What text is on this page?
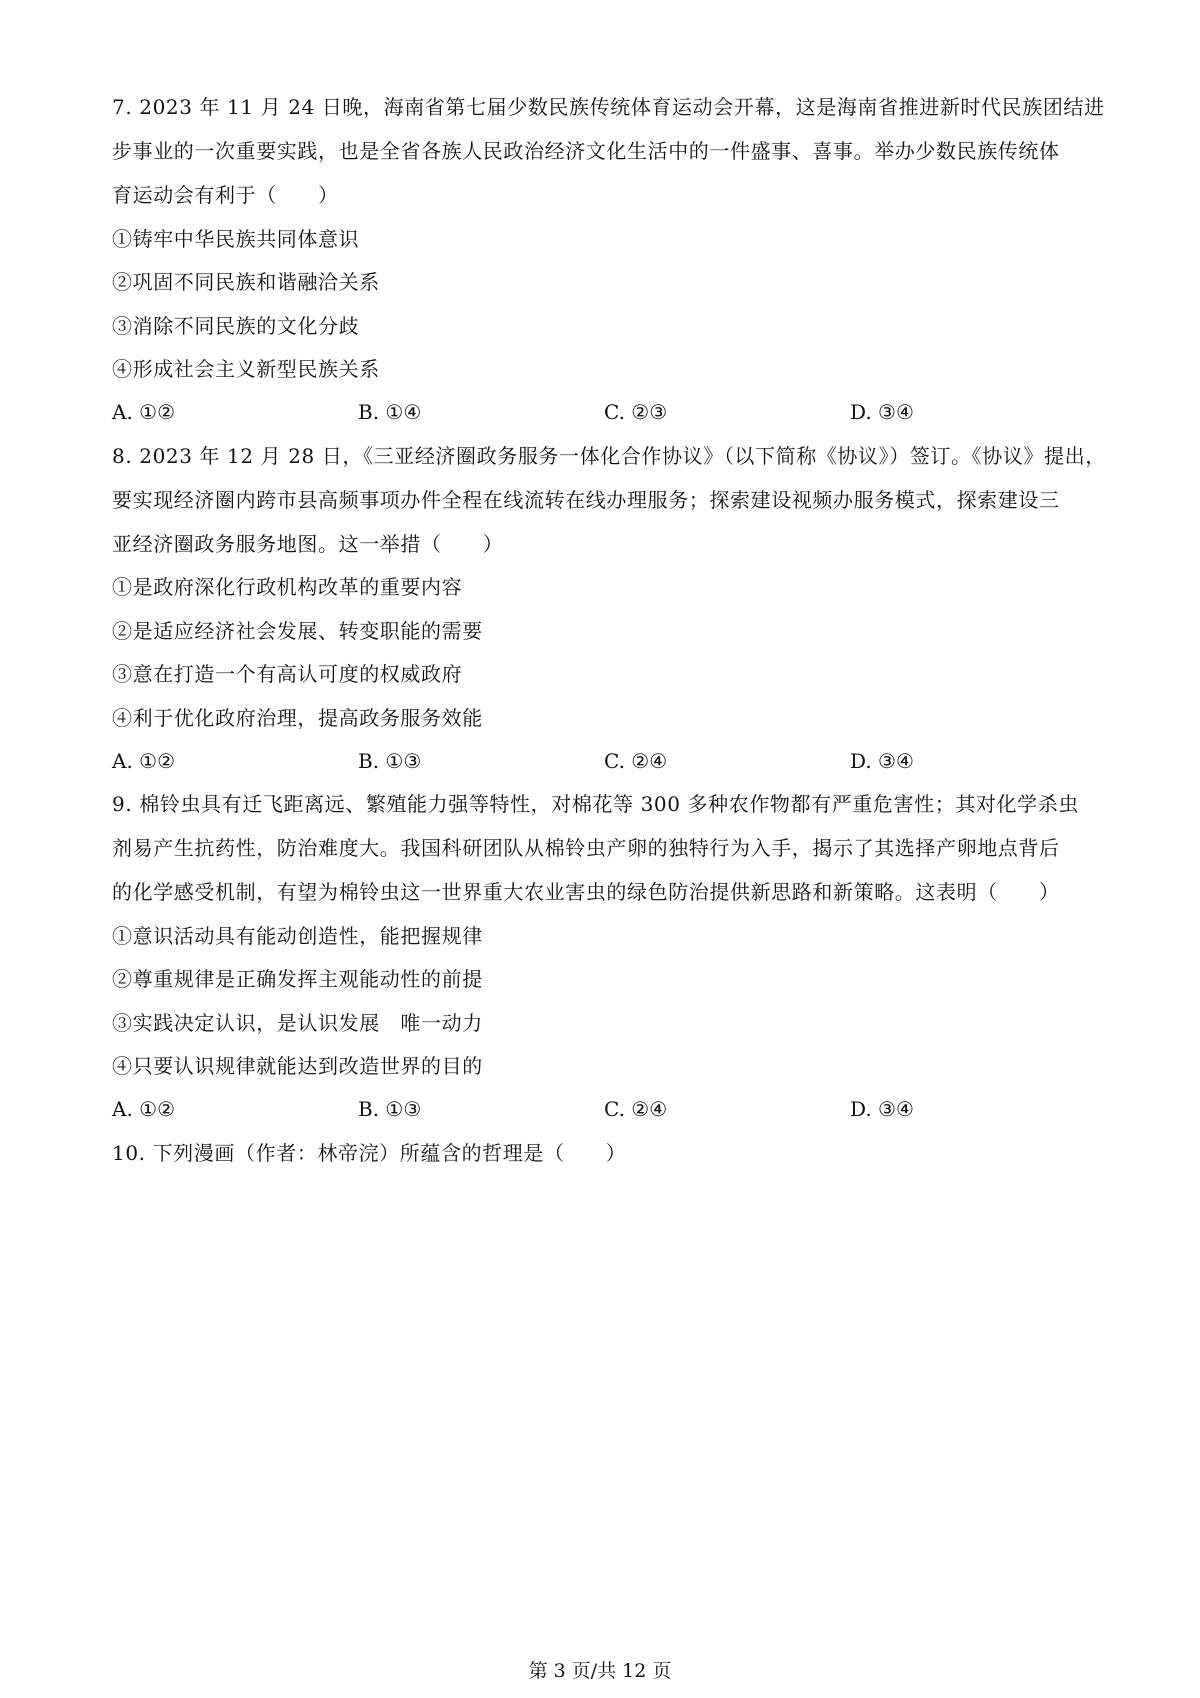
7. 2023 年 11 月 24 日晚，海南省第七届少数民族传统体育运动会开幕，这是海南省推进新时代民族团结进
步事业的一次重要实践，也是全省各族人民政治经济文化生活中的一件盛事、喜事。举办少数民族传统体
育运动会有利于（　　）
①铸牢中华民族共同体意识
②巩固不同民族和谐融洽关系
③消除不同民族的文化分歧
④形成社会主义新型民族关系
A. ①②	B. ①④	C. ②③	D. ③④
8. 2023 年 12 月 28 日，《三亚经济圈政务服务一体化合作协议》（以下简称《协议》）签订。《协议》提出，
要实现经济圈内跨市县高频事项办件全程在线流转在线办理服务；探索建设视频办服务模式，探索建设三
亚经济圈政务服务地图。这一举措（　　）
①是政府深化行政机构改革的重要内容
②是适应经济社会发展、转变职能的需要
③意在打造一个有高认可度的权威政府
④利于优化政府治理，提高政务服务效能
A. ①②	B. ①③	C. ②④	D. ③④
9. 棉铃虫具有迁飞距离远、繁殖能力强等特性，对棉花等 300 多种农作物都有严重危害性；其对化学杀虫
剂易产生抗药性，防治难度大。我国科研团队从棉铃虫产卵的独特行为入手，揭示了其选择产卵地点背后
的化学感受机制，有望为棉铃虫这一世界重大农业害虫的绿色防治提供新思路和新策略。这表明（　　）
①意识活动具有能动创造性，能把握规律
②尊重规律是正确发挥主观能动性的前提
③实践决定认识，是认识发展　唯一动力
④只要认识规律就能达到改造世界的目的
A. ①②	B. ①③	C. ②④	D. ③④
10. 下列漫画（作者：林帝浣）所蕴含的哲理是（　　）
第 3 页/共 12 页
